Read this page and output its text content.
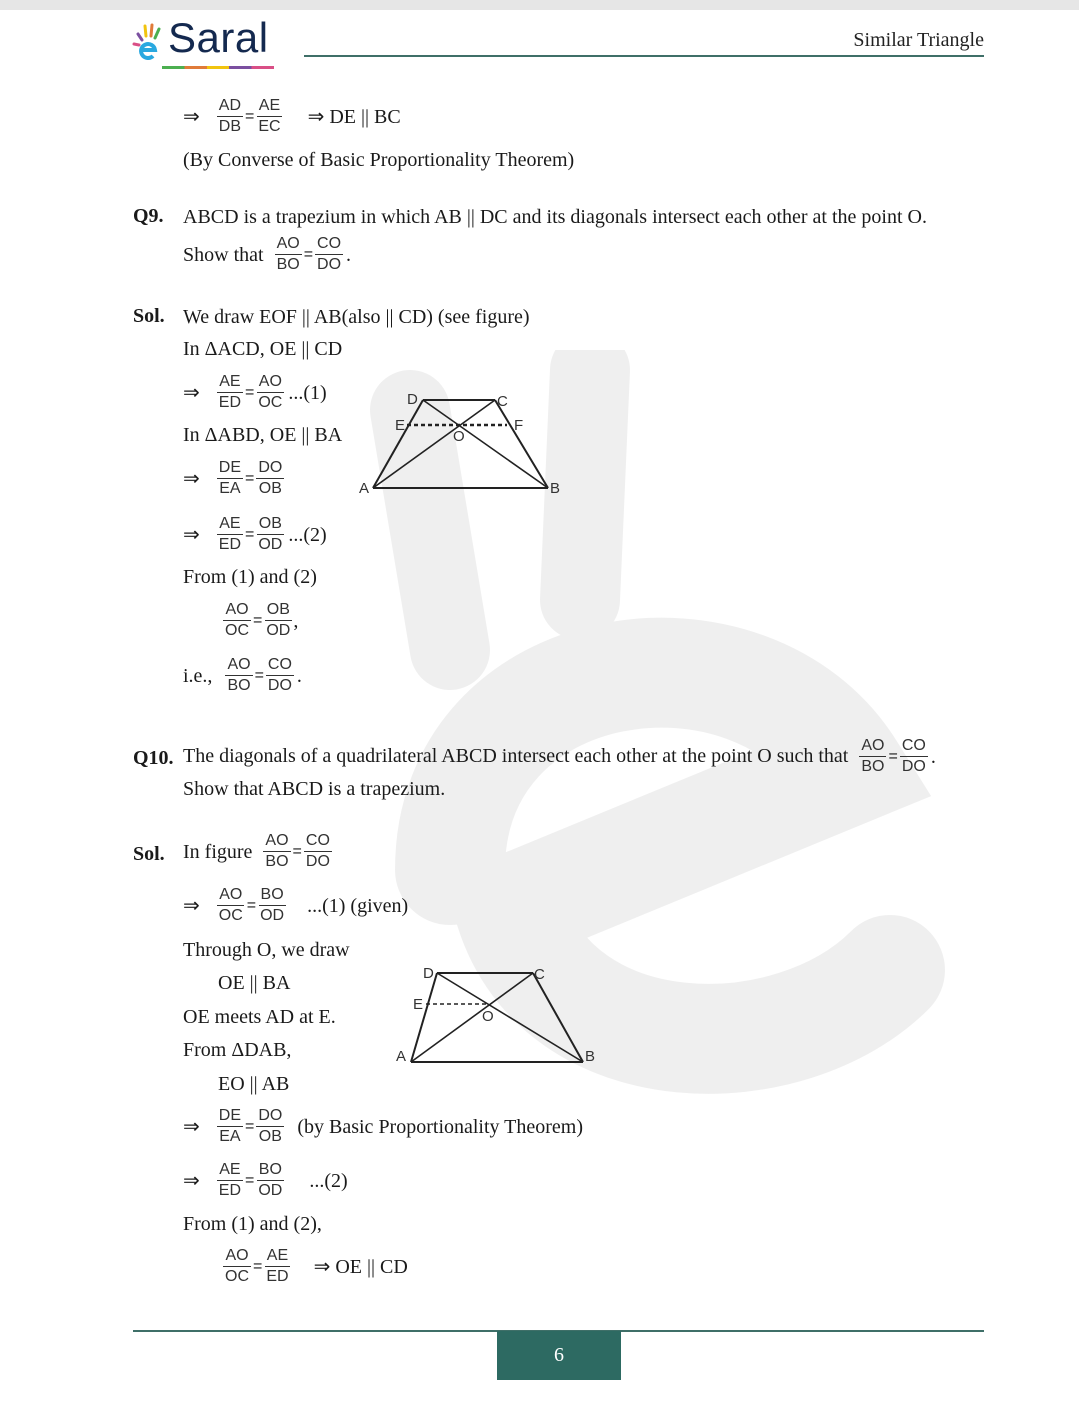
Saral	Similar Triangle
⇒ $\frac{AD}{DB} = \frac{AE}{EC}$ ⇒ DE || BC
(By Converse of Basic Proportionality Theorem)
Q9. ABCD is a trapezium in which AB || DC and its diagonals intersect each other at the point O.
Show that $\frac{AO}{BO} = \frac{CO}{DO}$ .
Sol. We draw EOF || AB(also || CD) (see figure)
In ΔACD, OE || CD
⇒ $\frac{AE}{ED} = \frac{AO}{OC} ...(1)$
In ΔABD, OE || BA
⇒ $\frac{DE}{EA} = \frac{DO}{OB}$
⇒ $\frac{AE}{ED} = \frac{OB}{OD} ...(2)$
From (1) and (2)
$\frac{AO}{OC} = \frac{OB}{OD}$ ,
i.e., $\frac{AO}{BO} = \frac{CO}{DO}$ .
D	C
E	F
O
A	B
Q10. The diagonals of a quadrilateral ABCD intersect each other at the point O such that $\frac{AO}{BO} = \frac{CO}{DO}$ .
Show that ABCD is a trapezium.
Sol. In figure $\frac{AO}{BO} = \frac{CO}{DO}$
⇒ $\frac{AO}{OC} = \frac{BO}{OD} ...(1)$ (given)
Through O, we draw
OE || BA
OE meets AD at E.
From ΔDAB,
EO || AB
⇒ $\frac{DE}{EA} = \frac{DO}{OB} (by$ Basic Proportionality Theorem)
⇒ $\frac{AE}{ED} = \frac{BO}{OD} ...(2)$
From (1) and (2),
$\frac{AO}{OC} = \frac{AE}{ED}$ ⇒ OE || CD
D	C
E
O
A	B
6
